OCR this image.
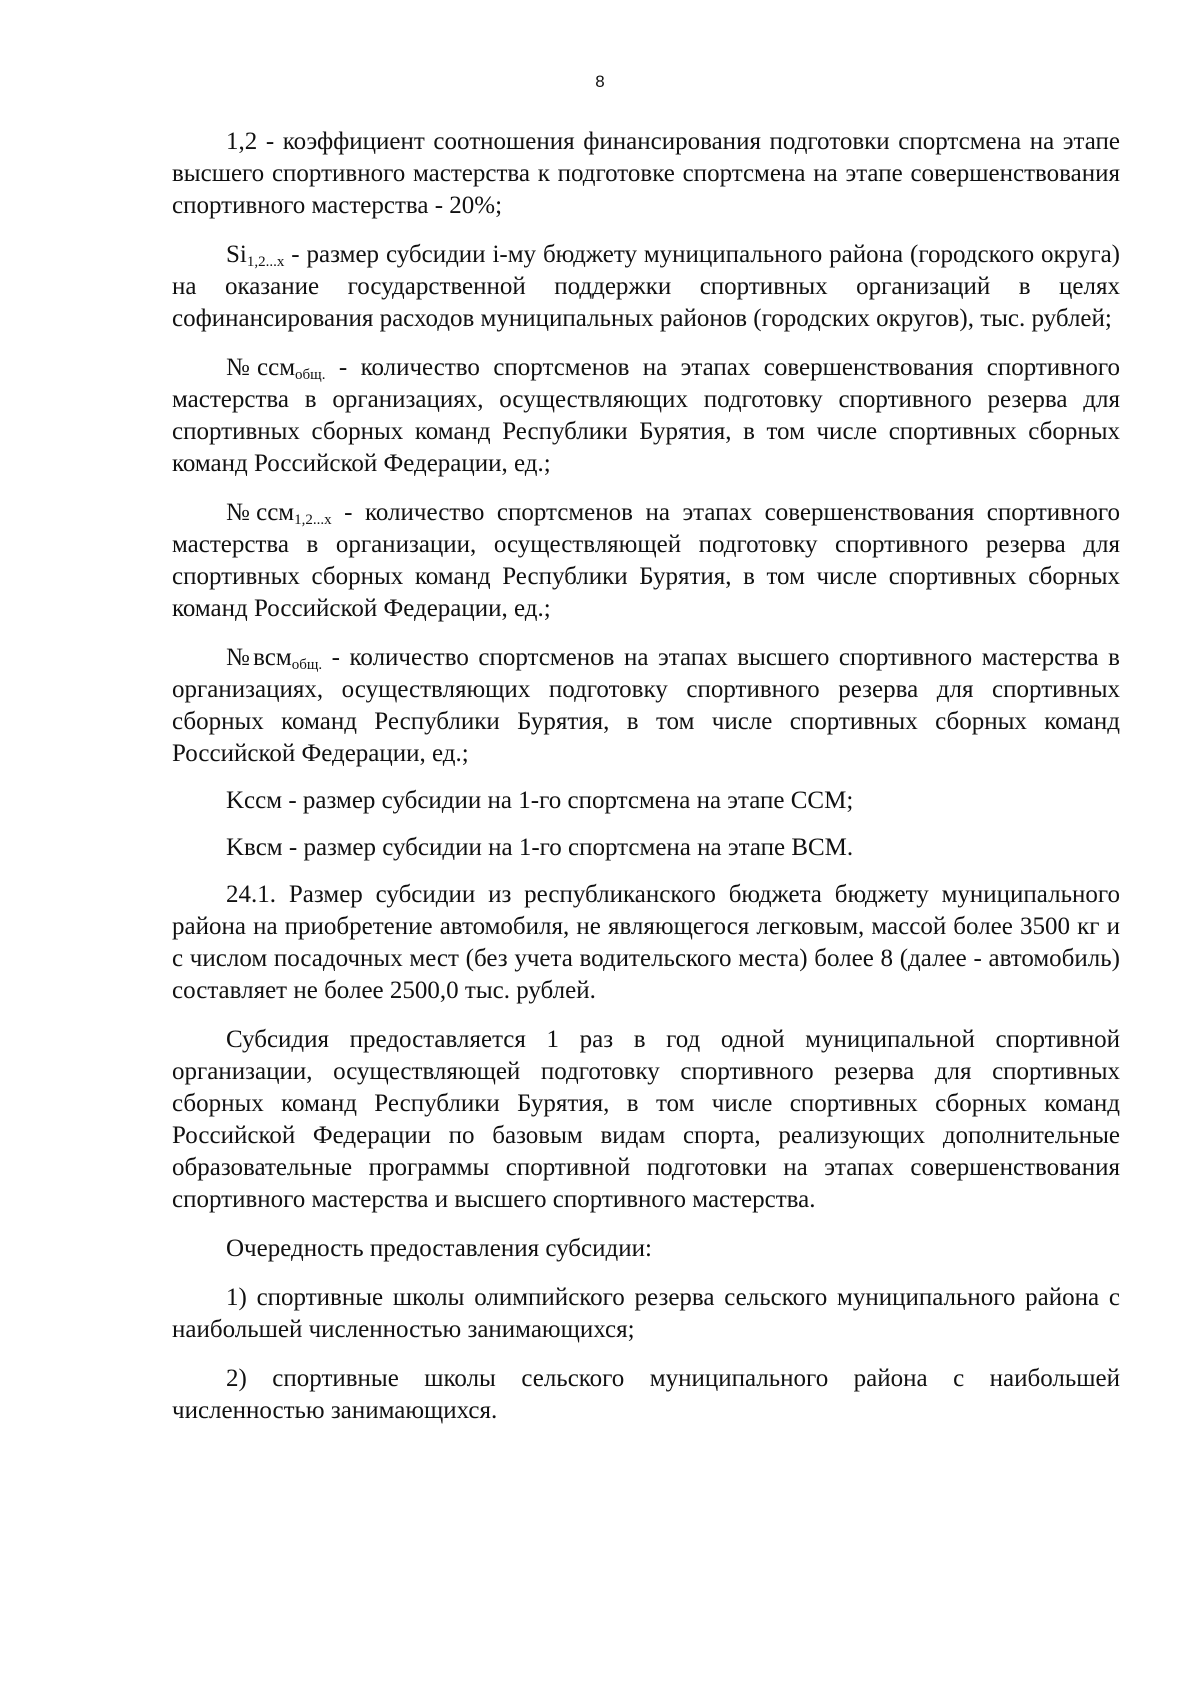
8

1,2 - коэффициент соотношения финансирования подготовки спортсмена на этапе высшего спортивного мастерства к подготовке спортсмена на этапе совершенствования спортивного мастерства - 20%;

$Si_{1,2...x}$ - размер субсидии i-му бюджету муниципального района (городского округа) на оказание государственной поддержки спортивных организаций в целях софинансирования расходов муниципальных районов (городских округов), тыс. рублей;

№ссм$_{общ.}$ - количество спортсменов на этапах совершенствования спортивного мастерства в организациях, осуществляющих подготовку спортивного резерва для спортивных сборных команд Республики Бурятия, в том числе спортивных сборных команд Российской Федерации, ед.;

№ссм$_{1,2...x}$ - количество спортсменов на этапах совершенствования спортивного мастерства в организации, осуществляющей подготовку спортивного резерва для спортивных сборных команд Республики Бурятия, в том числе спортивных сборных команд Российской Федерации, ед.;

№всм$_{общ.}$ - количество спортсменов на этапах высшего спортивного мастерства в организациях, осуществляющих подготовку спортивного резерва для спортивных сборных команд Республики Бурятия, в том числе спортивных сборных команд Российской Федерации, ед.;

Kссм - размер субсидии на 1-го спортсмена на этапе ССМ;

Kвсм - размер субсидии на 1-го спортсмена на этапе ВСМ.

24.1. Размер субсидии из республиканского бюджета бюджету муниципального района на приобретение автомобиля, не являющегося легковым, массой более 3500 кг и с числом посадочных мест (без учета водительского места) более 8 (далее - автомобиль) составляет не более 2500,0 тыс. рублей.

Субсидия предоставляется 1 раз в год одной муниципальной спортивной организации, осуществляющей подготовку спортивного резерва для спортивных сборных команд Республики Бурятия, в том числе спортивных сборных команд Российской Федерации по базовым видам спорта, реализующих дополнительные образовательные программы спортивной подготовки на этапах совершенствования спортивного мастерства и высшего спортивного мастерства.

Очередность предоставления субсидии:

1) спортивные школы олимпийского резерва сельского муниципального района с наибольшей численностью занимающихся;

2) спортивные школы сельского муниципального района с наибольшей численностью занимающихся.
